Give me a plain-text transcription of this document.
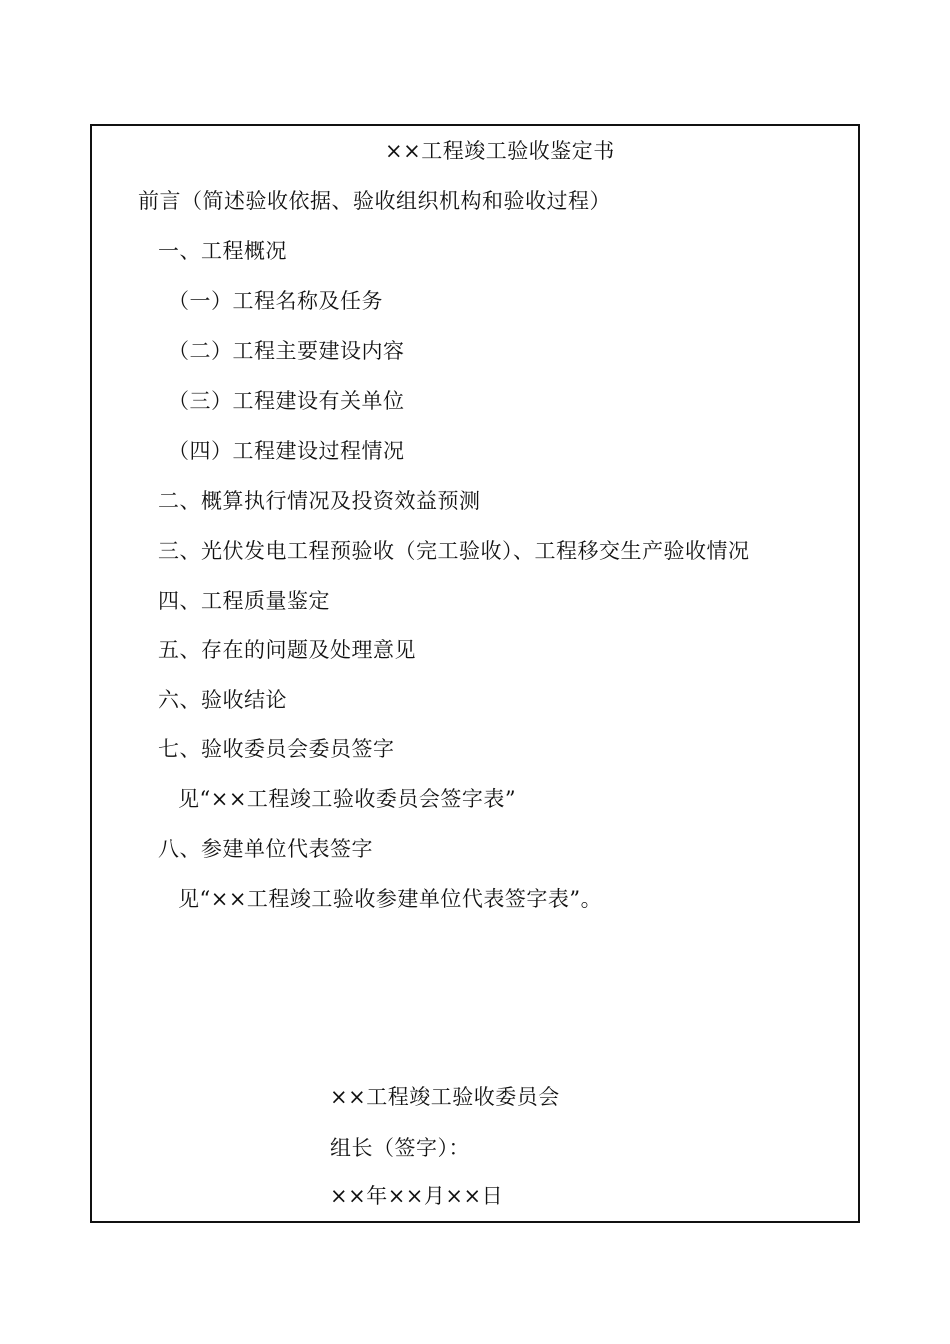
××工程竣工验收鉴定书
前言（简述验收依据、验收组织机构和验收过程）
一、工程概况
（一）工程名称及任务
（二）工程主要建设内容
（三）工程建设有关单位
（四）工程建设过程情况
二、概算执行情况及投资效益预测
三、光伏发电工程预验收（完工验收）、工程移交生产验收情况
四、工程质量鉴定
五、存在的问题及处理意见
六、验收结论
七、验收委员会委员签字
见“××工程竣工验收委员会签字表”
八、参建单位代表签字
见“××工程竣工验收参建单位代表签字表”。
××工程竣工验收委员会
组长（签字）：
××年××月××日
